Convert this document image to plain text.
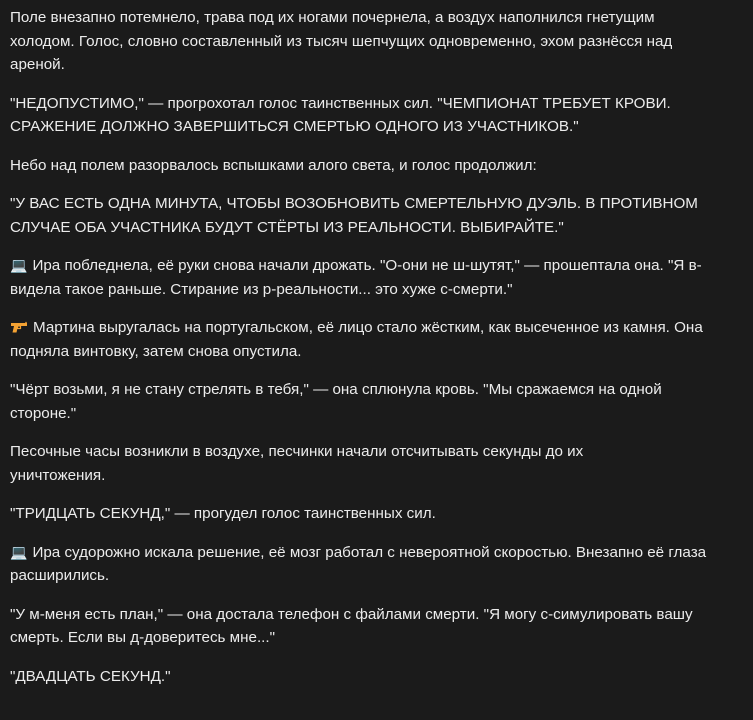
Поле внезапно потемнело, трава под их ногами почернела, а воздух наполнился гнетущим холодом. Голос, словно составленный из тысяч шепчущих одновременно, эхом разнёсся над ареной.

"НЕДОПУСТИМО," — прогрохотал голос таинственных сил. "ЧЕМПИОНАТ ТРЕБУЕТ КРОВИ. СРАЖЕНИЕ ДОЛЖНО ЗАВЕРШИТЬСЯ СМЕРТЬЮ ОДНОГО ИЗ УЧАСТНИКОВ."

Небо над полем разорвалось вспышками алого света, и голос продолжил:

"У ВАС ЕСТЬ ОДНА МИНУТА, ЧТОБЫ ВОЗОБНОВИТЬ СМЕРТЕЛЬНУЮ ДУЭЛЬ. В ПРОТИВНОМ СЛУЧАЕ ОБА УЧАСТНИКА БУДУТ СТЁРТЫ ИЗ РЕАЛЬНОСТИ. ВЫБИРАЙТЕ."

💻 Ира побледнела, её руки снова начали дрожать. "О-они не ш-шутят," — прошептала она. "Я в-видела такое раньше. Стирание из р-реальности... это хуже с-смерти."

Мартина выругалась на португальском, её лицо стало жёстким, как высеченное из камня. Она подняла винтовку, затем снова опустила.

"Чёрт возьми, я не стану стрелять в тебя," — она сплюнула кровь. "Мы сражаемся на одной стороне."

Песочные часы возникли в воздухе, песчинки начали отсчитывать секунды до их уничтожения.

"ТРИДЦАТЬ СЕКУНД," — прогудел голос таинственных сил.

💻 Ира судорожно искала решение, её мозг работал с невероятной скоростью. Внезапно её глаза расширились.

"У м-меня есть план," — она достала телефон с файлами смерти. "Я могу с-симулировать вашу смерть. Если вы д-доверитесь мне..."

"ДВАДЦАТЬ СЕКУНД."
